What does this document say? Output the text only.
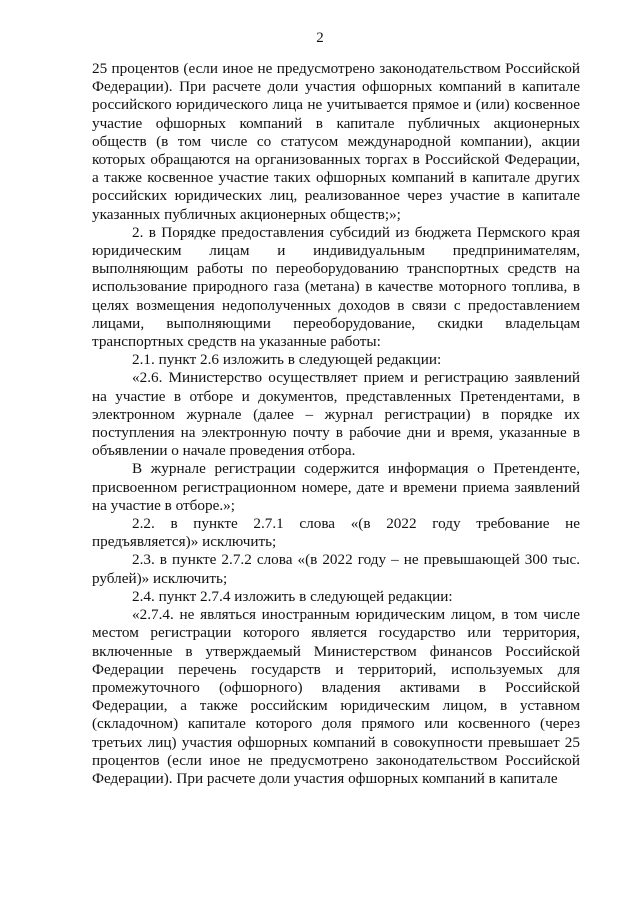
2

25 процентов (если иное не предусмотрено законодательством Российской Федерации). При расчете доли участия офшорных компаний в капитале российского юридического лица не учитывается прямое и (или) косвенное участие офшорных компаний в капитале публичных акционерных обществ (в том числе со статусом международной компании), акции которых обращаются на организованных торгах в Российской Федерации, а также косвенное участие таких офшорных компаний в капитале других российских юридических лиц, реализованное через участие в капитале указанных публичных акционерных обществ;»;

2. в Порядке предоставления субсидий из бюджета Пермского края юридическим лицам и индивидуальным предпринимателям, выполняющим работы по переоборудованию транспортных средств на использование природного газа (метана) в качестве моторного топлива, в целях возмещения недополученных доходов в связи с предоставлением лицами, выполняющими переоборудование, скидки владельцам транспортных средств на указанные работы:

2.1. пункт 2.6 изложить в следующей редакции:

«2.6. Министерство осуществляет прием и регистрацию заявлений на участие в отборе и документов, представленных Претендентами, в электронном журнале (далее – журнал регистрации) в порядке их поступления на электронную почту в рабочие дни и время, указанные в объявлении о начале проведения отбора.

В журнале регистрации содержится информация о Претенденте, присвоенном регистрационном номере, дате и времени приема заявлений на участие в отборе.»;

2.2. в пункте 2.7.1 слова «(в 2022 году требование не предъявляется)» исключить;

2.3. в пункте 2.7.2 слова «(в 2022 году – не превышающей 300 тыс. рублей)» исключить;

2.4. пункт 2.7.4 изложить в следующей редакции:

«2.7.4. не являться иностранным юридическим лицом, в том числе местом регистрации которого является государство или территория, включенные в утверждаемый Министерством финансов Российской Федерации перечень государств и территорий, используемых для промежуточного (офшорного) владения активами в Российской Федерации, а также российским юридическим лицом, в уставном (складочном) капитале которого доля прямого или косвенного (через третьих лиц) участия офшорных компаний в совокупности превышает 25 процентов (если иное не предусмотрено законодательством Российской Федерации). При расчете доли участия офшорных компаний в капитале
